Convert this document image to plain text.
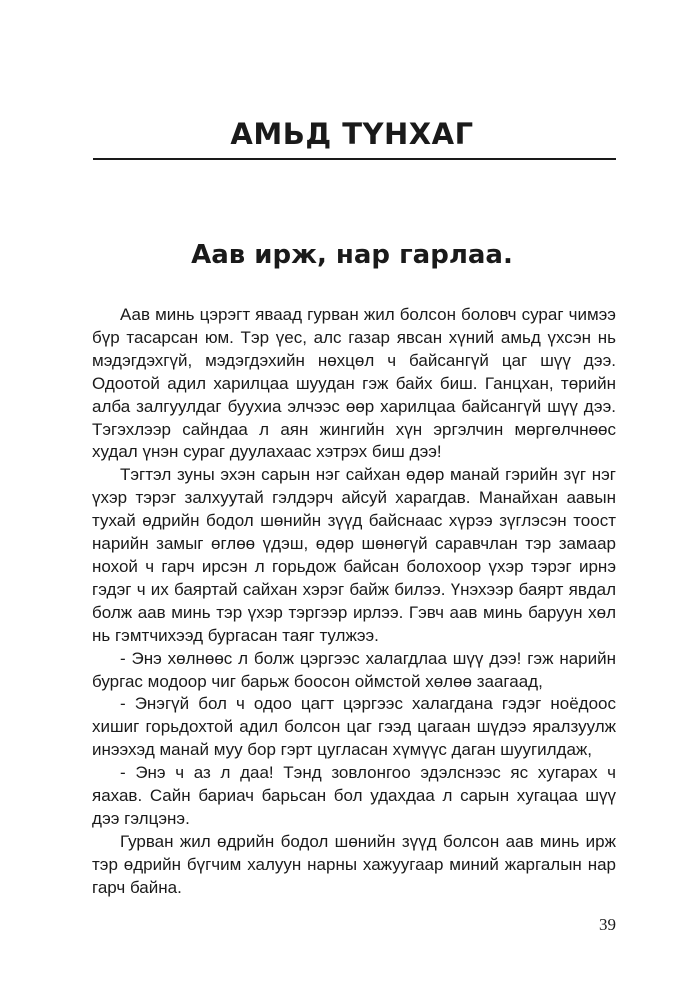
АМЬД ТҮНХАГ
Аав ирж, нар гарлаа.

Аав минь цэрэгт яваад гурван жил болсон боловч сураг чимээ бүр тасарсан юм. Тэр үес, алс газар явсан хүний амьд үхсэн нь мэдэгдэхгүй, мэдэгдэхийн нөхцөл ч байсангүй цаг шүү дээ. Одоотой адил харилцаа шуудан гэж байх биш. Ганцхан, төрийн алба залгуулдаг буухиа элчээс өөр харилцаа байсангүй шүү дээ. Тэгэхлээр сайндаа л аян жингийн хүн эргэлчин мөргөлчнөөс худал үнэн сураг дуулахаас хэтрэх биш дээ!

Тэгтэл зуны эхэн сарын нэг сайхан өдөр манай гэрийн зүг нэг үхэр тэрэг залхуутай гэлдэрч айсуй харагдав. Манайхан аавын тухай өдрийн бодол шөнийн зүүд байснаас хүрээ зүглэсэн тоост нарийн замыг өглөө үдэш, өдөр шөнөгүй саравчлан тэр замаар нохой ч гарч ирсэн л горьдож байсан болохоор үхэр тэрэг ирнэ гэдэг ч их баяртай сайхан хэрэг байж билээ. Үнэхээр баярт явдал болж аав минь тэр үхэр тэргээр ирлээ. Гэвч аав минь баруун хөл нь гэмтчихээд бургасан таяг тулжээ.

- Энэ хөлнөөс л болж цэргээс халагдлаа шүү дээ! гэж нарийн бургас модоор чиг барьж боосон оймстой хөлөө заагаад,

- Энэгүй бол ч одоо цагт цэргээс халагдана гэдэг ноёдоос хишиг горьдохтой адил болсон цаг гээд цагаан шүдээ яралзуулж инээхэд манай муу бор гэрт цугласан хүмүүс даган шуугилдаж,

- Энэ ч аз л даа! Тэнд зовлонгоо эдэлснээс яс хугарах ч яахав. Сайн бариач барьсан бол удахдаа л сарын хугацаа шүү дээ гэлцэнэ.

Гурван жил өдрийн бодол шөнийн зүүд болсон аав минь ирж тэр өдрийн бүгчим халуун нарны хажуугаар миний жаргалын нар гарч байна.

39
